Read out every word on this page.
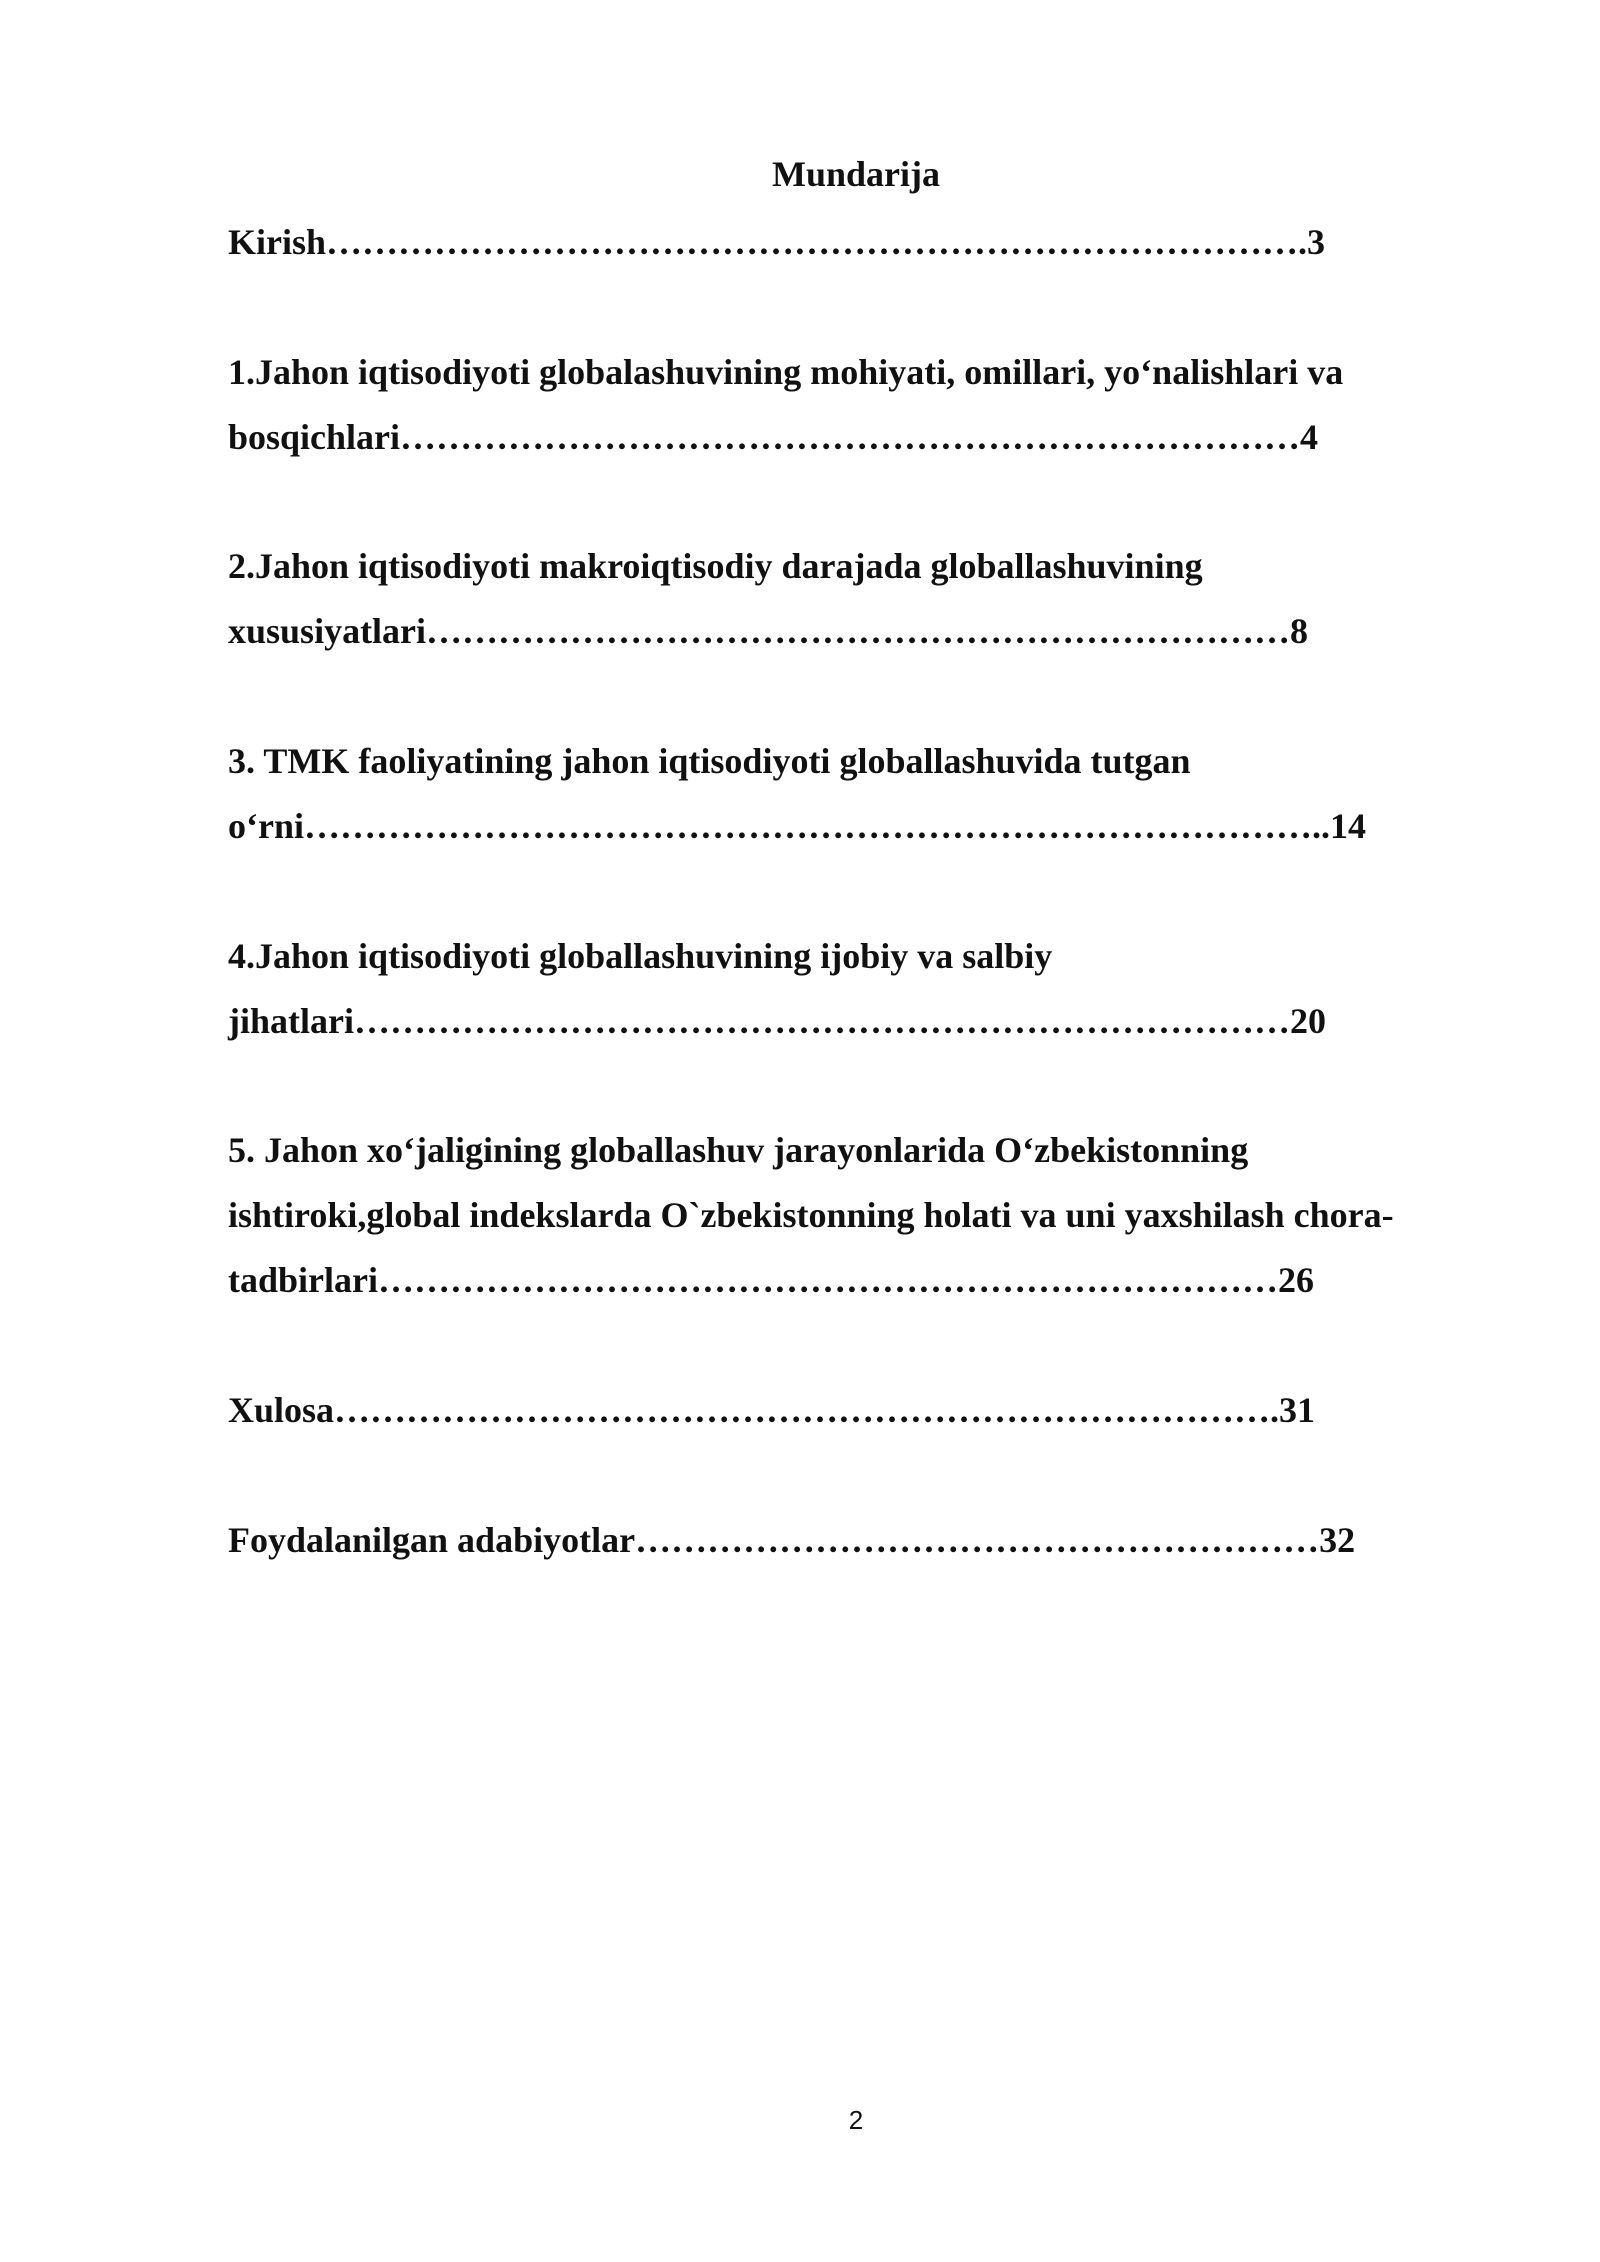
Mundarija
Kirish……………………………………………………………………….3
1.Jahon iqtisodiyoti globalashuvining mohiyati, omillari, yo‘nalishlari va
bosqichlari…………………………………………………………………4
2.Jahon iqtisodiyoti makroiqtisodiy darajada globallashuvining
xususiyatlari………………………………………………………………8
3. TMK faoliyatining jahon iqtisodiyoti globallashuvida tutgan
o‘rni…………………………………………………………………………..14
4.Jahon iqtisodiyoti globallashuvining ijobiy va salbiy
jihatlari……………………………………………………………………20
5. Jahon xo‘jaligining globallashuv jarayonlarida O‘zbekistonning
ishtiroki,global indekslarda O`zbekistonning holati va uni yaxshilash chora-
tadbirlari…………………………………………………………………26
Xulosa…………………………………………………………………….31
Foydalanilgan adabiyotlar…………………………………………………32
2
